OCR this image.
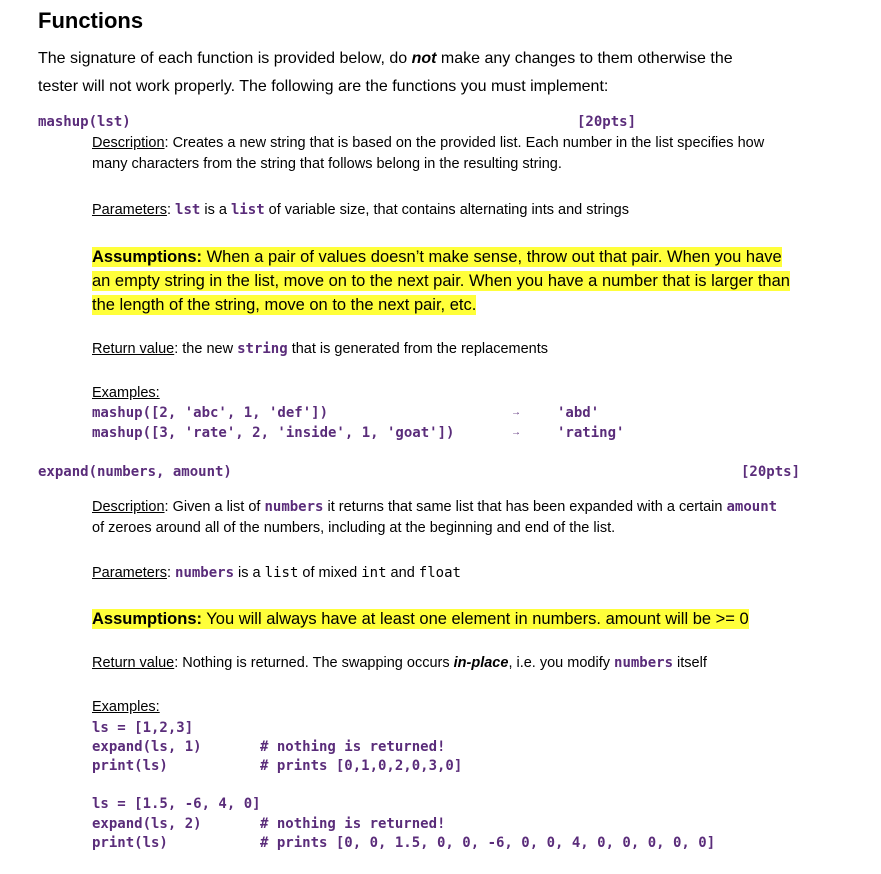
Functions
The signature of each function is provided below, do not make any changes to them otherwise the
tester will not work properly. The following are the functions you must implement:
mashup(lst)	[20pts]
Description: Creates a new string that is based on the provided list. Each number in the list specifies how
many characters from the string that follows belong in the resulting string.
Parameters: lst is a list of variable size, that contains alternating ints and strings
Assumptions: When a pair of values doesn’t make sense, throw out that pair. When you have
an empty string in the list, move on to the next pair. When you have a number that is larger than
the length of the string, move on to the next pair, etc.
Return value: the new string that is generated from the replacements
Examples:
mashup([2, 'abc', 1, 'def'])	→	'abd'
mashup([3, 'rate', 2, 'inside', 1, 'goat'])	→	'rating'
expand(numbers, amount)	[20pts]
Description: Given a list of numbers it returns that same list that has been expanded with a certain amount
of zeroes around all of the numbers, including at the beginning and end of the list.
Parameters: numbers is a list of mixed int and float
Assumptions: You will always have at least one element in numbers. amount will be >= 0
Return value: Nothing is returned. The swapping occurs in-place, i.e. you modify numbers itself
Examples:
ls = [1,2,3]
expand(ls, 1)	# nothing is returned!
print(ls)	# prints [0,1,0,2,0,3,0]
ls = [1.5, -6, 4, 0]
expand(ls, 2)	# nothing is returned!
print(ls)	# prints [0, 0, 1.5, 0, 0, -6, 0, 0, 4, 0, 0, 0, 0, 0]
